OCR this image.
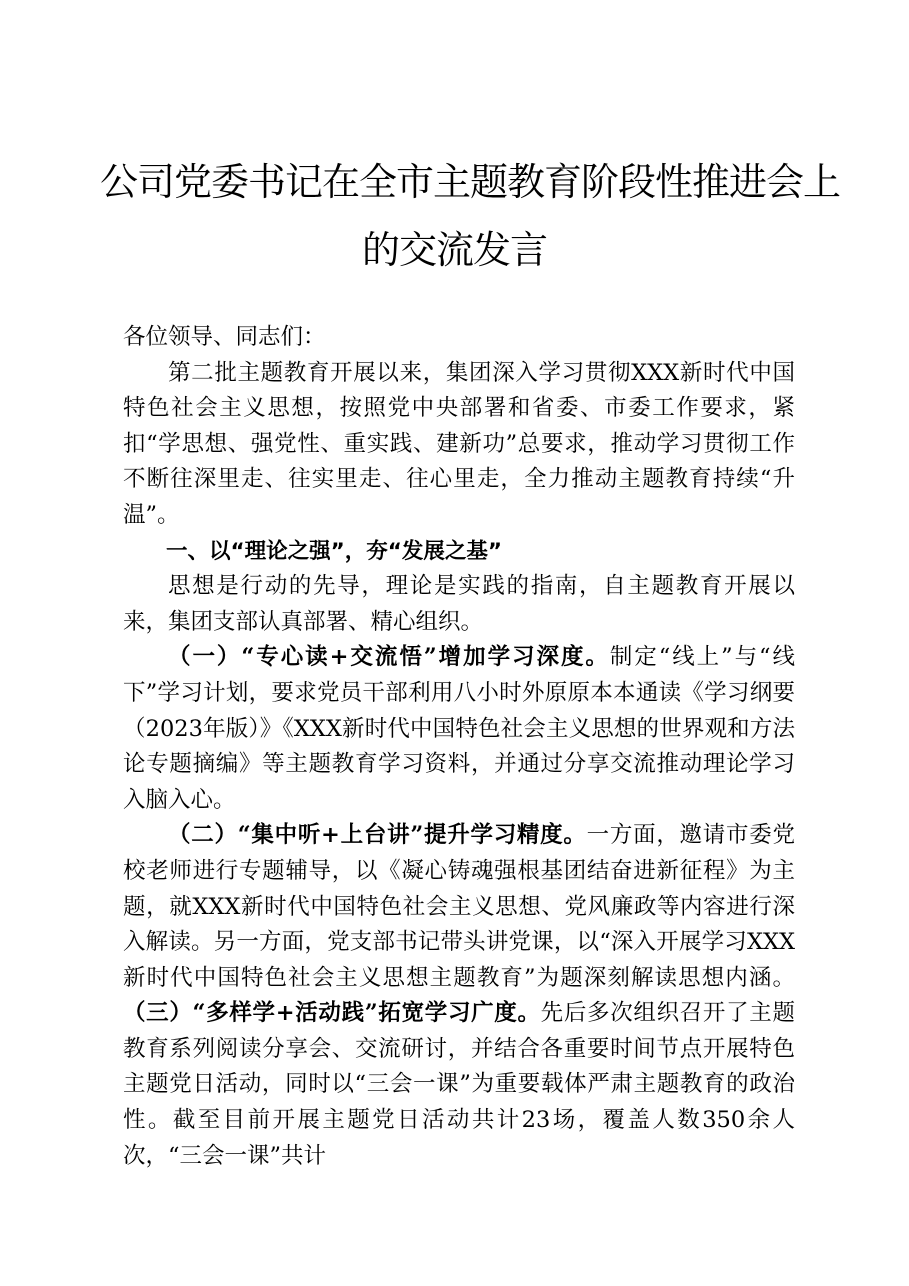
公司党委书记在全市主题教育阶段性推进会上
的交流发言

各位领导、同志们：

第二批主题教育开展以来，集团深入学习贯彻XXX新时代中国特色社会主义思想，按照党中央部署和省委、市委工作要求，紧扣“学思想、强党性、重实践、建新功”总要求，推动学习贯彻工作不断往深里走、往实里走、往心里走，全力推动主题教育持续“升温”。

一、以“理论之强”，夯“发展之基”

思想是行动的先导，理论是实践的指南，自主题教育开展以来，集团支部认真部署、精心组织。

（一）“专心读+交流悟”增加学习深度。制定“线上”与“线下”学习计划，要求党员干部利用八小时外原原本本通读《学习纲要（2023年版）》《XXX新时代中国特色社会主义思想的世界观和方法论专题摘编》等主题教育学习资料，并通过分享交流推动理论学习入脑入心。

（二）“集中听+上台讲”提升学习精度。一方面，邀请市委党校老师进行专题辅导，以《凝心铸魂强根基团结奋进新征程》为主题，就XXX新时代中国特色社会主义思想、党风廉政等内容进行深入解读。另一方面，党支部书记带头讲党课，以“深入开展学习XXX新时代中国特色社会主义思想主题教育”为题深刻解读思想内涵。（三）“多样学+活动践”拓宽学习广度。先后多次组织召开了主题教育系列阅读分享会、交流研讨，并结合各重要时间节点开展特色主题党日活动，同时以“三会一课”为重要载体严肃主题教育的政治性。截至目前开展主题党日活动共计23场，覆盖人数350余人次，“三会一课”共计
